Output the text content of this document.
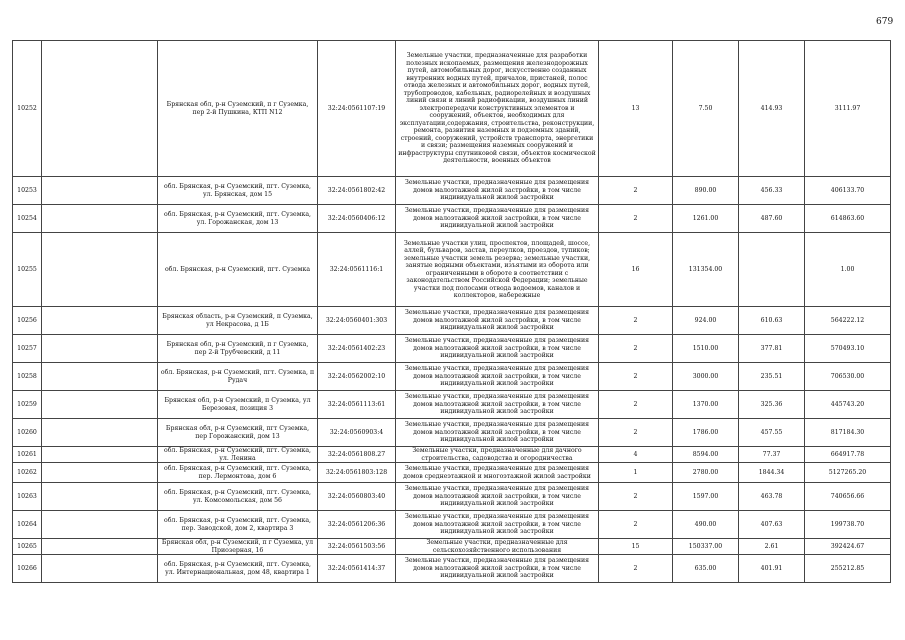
679
10252		Брянская обл, р-н Суземский, п г Суземка, пер 2-й Пушкина, КТП N12	32:24:0561107:19	Земельные участки, предназначенные для разработки полезных ископаемых, размещения железнодорожных путей, автомобильных дорог, искусственно созданных внутренних водных путей, причалов, пристаней, полос отвода железных и автомобильных дорог, водных путей, трубопроводов, кабельных, радиорелейных и воздушных линий связи и линий радиофикации, воздушных линий электропередачи конструктивных элементов и сооружений, объектов, необходимых для эксплуатации,содержания, строительства, реконструкции, ремонта, развития наземных и подземных зданий, строений, сооружений, устройств транспорта, энергетики и связи; размещения наземных сооружений и инфраструктуры спутниковой связи, объектов космической деятельности, военных объектов	13	7.50	414.93	3111.97
10253		обл. Брянская, р-н Суземский, пгт. Суземка, ул. Брянская, дом 15	32:24:0561802:42	Земельные участки, предназначенные для размещения домов малоэтажной жилой застройки, в том числе индивидуальной жилой застройки	2	890.00	456.33	406133.70
10254		обл. Брянская, р-н Суземский, пгт. Суземка, ул. Горожанская, дом 13	32:24:0560406:12	Земельные участки, предназначенные для размещения домов малоэтажной жилой застройки, в том числе индивидуальной жилой застройки	2	1261.00	487.60	614863.60
10255		обл. Брянская, р-н Суземский, пгт. Суземка	32:24:0561116:1	Земельные участки улиц, проспектов, площадей, шоссе, аллей, бульваров, застав, переулков, проездов, тупиков; земельные участки земель резерва; земельные участки, занятые водными объектами, изъятыми из оборота или ограниченными в обороте в соответствии с законодательством Российской Федерации; земельные участки под полосами отвода водоемов, каналов и коллекторов, набережные	16	131354.00		1.00
10256		Брянская область, р-н Суземский, п Суземка, ул Некрасова, д 1Б	32:24:0560401:303	Земельные участки, предназначенные для размещения домов малоэтажной жилой застройки, в том числе индивидуальной жилой застройки	2	924.00	610.63	564222.12
10257		Брянская обл, р-н Суземский, п г Суземка, пер 2-й Трубчевский, д 11	32:24:0561402:23	Земельные участки, предназначенные для размещения домов малоэтажной жилой застройки, в том числе индивидуальной жилой застройки	2	1510.00	377.81	570493.10
10258		обл. Брянская, р-н Суземский, пгт. Суземка, п Рудач	32:24:0562002:10	Земельные участки, предназначенные для размещения домов малоэтажной жилой застройки, в том числе индивидуальной жилой застройки	2	3000.00	235.51	706530.00
10259		Брянская обл, р-н Суземский, п Суземка, ул Березовая, позиция 3	32:24:0561113:61	Земельные участки, предназначенные для размещения домов малоэтажной жилой застройки, в том числе индивидуальной жилой застройки	2	1370.00	325.36	445743.20
10260		Брянская обл, р-н Суземский, пгт Суземка, пер Горожанский, дом 13	32:24:0560903:4	Земельные участки, предназначенные для размещения домов малоэтажной жилой застройки, в том числе индивидуальной жилой застройки	2	1786.00	457.55	817184.30
10261		обл. Брянская, р-н Суземский, пгт. Суземка, ул. Ленина	32:24:0561808.27	Земельные участки, предназначенные для дачного строительства, садоводства и огородничества	4	8594.00	77.37	664917.78
10262		обл. Брянская, р-н Суземский, пгт. Суземка, пер. Лермонтова, дом 6	32:24:0561803:128	Земельные участки, предназначенные для размещения домов среднеэтажной и многоэтажной жилой застройки	1	2780.00	1844.34	5127265.20
10263		обл. Брянская, р-н Суземский, пгт. Суземка, ул. Комсомольская, дом 56	32:24:0560803:40	Земельные участки, предназначенные для размещения домов малоэтажной жилой застройки, в том числе индивидуальной жилой застройки	2	1597.00	463.78	740656.66
10264		обл. Брянская, р-н Суземский, пгт. Суземка, пер. Заводской, дом 2, квартира 3	32:24:0561206:36	Земельные участки, предназначенные для размещения домов малоэтажной жилой застройки, в том числе индивидуальной жилой застройки	2	490.00	407.63	199738.70
10265		Брянская обл, р-н Суземский, п г Суземка, ул Приозерная, 16	32:24:0561503:56	Земельные участки, предназначенные для сельскохозяйственного использования	15	150337.00	2.61	392424.67
10266		обл. Брянская, р-н Суземский, пгт. Суземка, ул. Интернациональная, дом 48, квартира 1	32:24:0561414:37	Земельные участки, предназначенные для размещения домов малоэтажной жилой застройки, в том числе индивидуальной жилой застройки	2	635.00	401.91	255212.85
